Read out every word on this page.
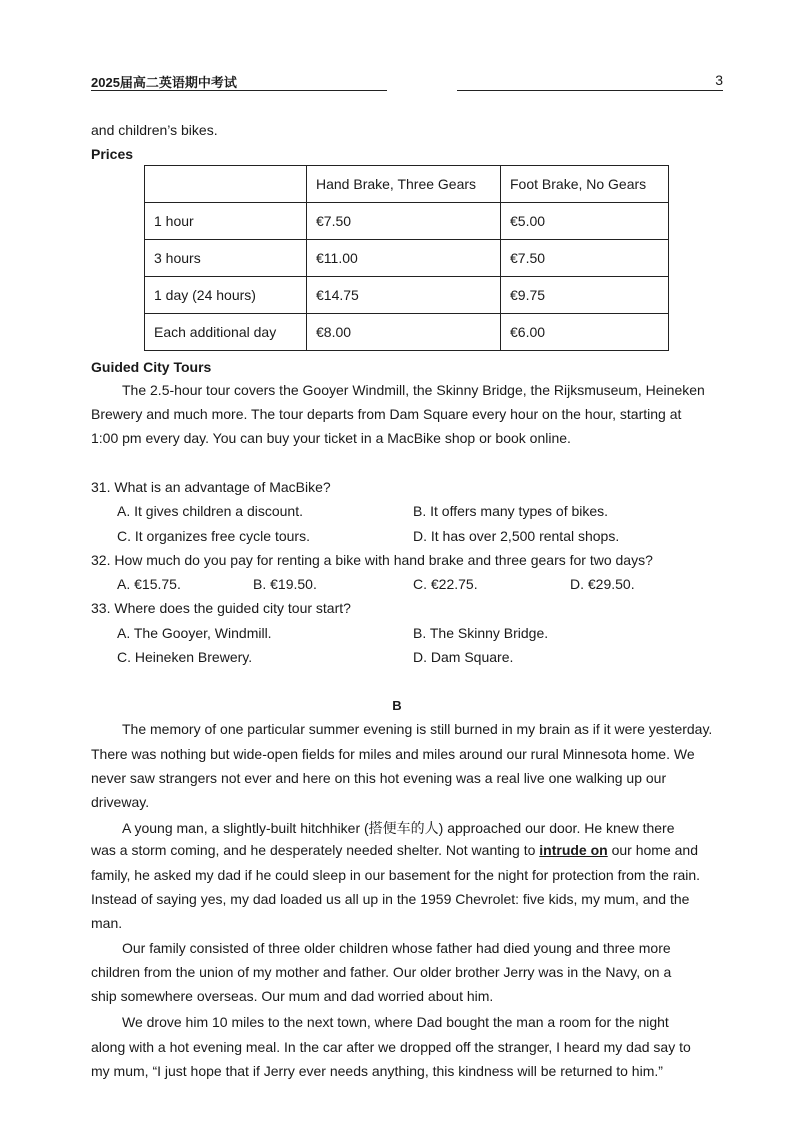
2025届高二英语期中考试	3
and children’s bikes.
Prices
	Hand Brake, Three Gears	Foot Brake, No Gears
1 hour	€7.50	€5.00
3 hours	€11.00	€7.50
1 day (24 hours)	€14.75	€9.75
Each additional day	€8.00	€6.00
Guided City Tours
The 2.5-hour tour covers the Gooyer Windmill, the Skinny Bridge, the Rijksmuseum, Heineken
Brewery and much more. The tour departs from Dam Square every hour on the hour, starting at
1:00 pm every day. You can buy your ticket in a MacBike shop or book online.
31. What is an advantage of MacBike?
A. It gives children a discount.	B. It offers many types of bikes.
C. It organizes free cycle tours.	D. It has over 2,500 rental shops.
32. How much do you pay for renting a bike with hand brake and three gears for two days?
A. €15.75.	B. €19.50.	C. €22.75.	D. €29.50.
33. Where does the guided city tour start?
A. The Gooyer, Windmill.	B. The Skinny Bridge.
C. Heineken Brewery.	D. Dam Square.
B
The memory of one particular summer evening is still burned in my brain as if it were yesterday.
There was nothing but wide-open fields for miles and miles around our rural Minnesota home. We
never saw strangers not ever and here on this hot evening was a real live one walking up our
driveway.
A young man, a slightly-built hitchhiker (搭便车的人) approached our door. He knew there
was a storm coming, and he desperately needed shelter. Not wanting to intrude on our home and
family, he asked my dad if he could sleep in our basement for the night for protection from the rain.
Instead of saying yes, my dad loaded us all up in the 1959 Chevrolet: five kids, my mum, and the
man.
Our family consisted of three older children whose father had died young and three more
children from the union of my mother and father. Our older brother Jerry was in the Navy, on a
ship somewhere overseas. Our mum and dad worried about him.
We drove him 10 miles to the next town, where Dad bought the man a room for the night
along with a hot evening meal. In the car after we dropped off the stranger, I heard my dad say to
my mum, “I just hope that if Jerry ever needs anything, this kindness will be returned to him.”
